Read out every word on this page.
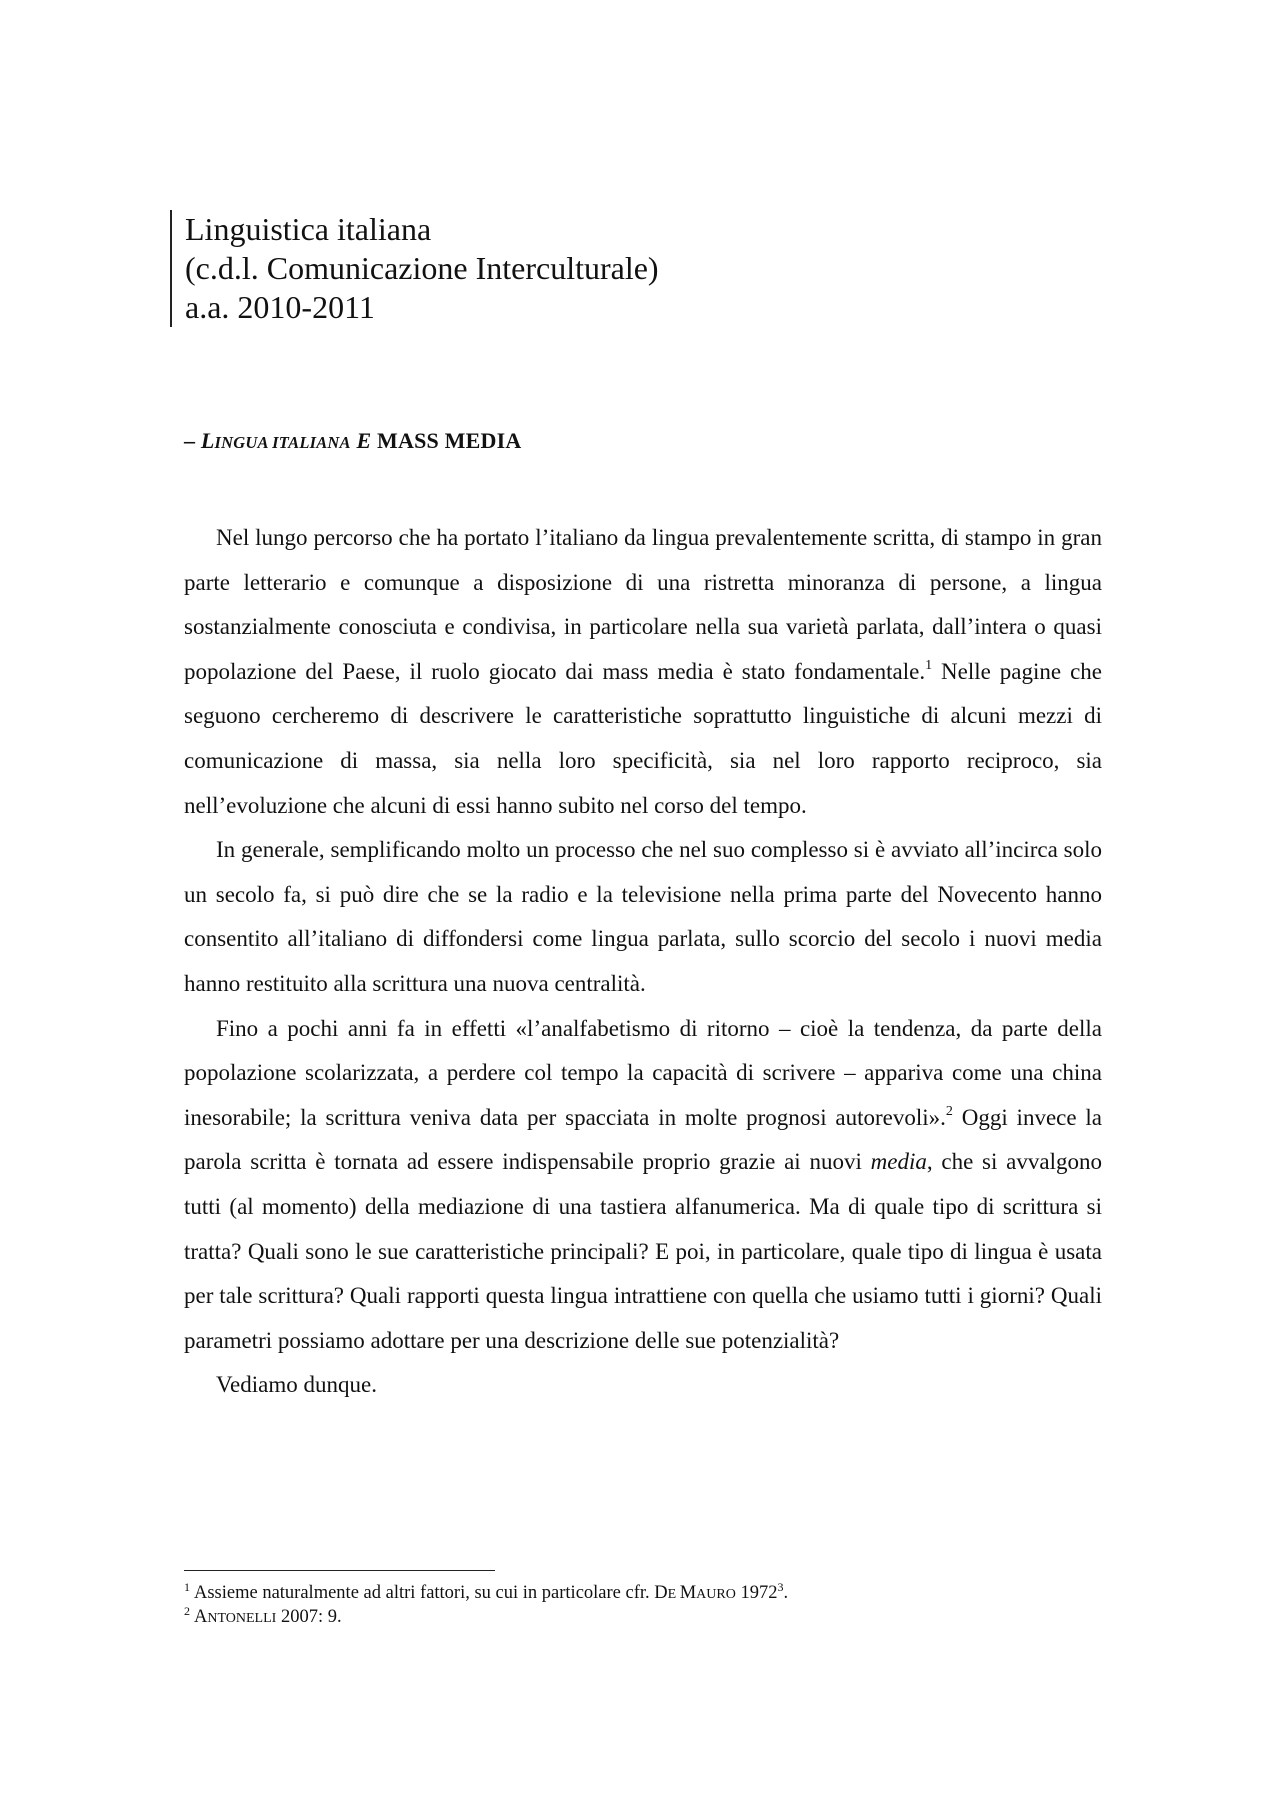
Linguistica italiana
(c.d.l. Comunicazione Interculturale)
a.a. 2010-2011
– LINGUA ITALIANA E MASS MEDIA

Nel lungo percorso che ha portato l’italiano da lingua prevalentemente scritta, di stampo in gran parte letterario e comunque a disposizione di una ristretta minoranza di persone, a lingua sostanzialmente conosciuta e condivisa, in particolare nella sua varietà parlata, dall’intera o quasi popolazione del Paese, il ruolo giocato dai mass media è stato fondamentale.$^1$ Nelle pagine che seguono cercheremo di descrivere le caratteristiche soprattutto linguistiche di alcuni mezzi di comunicazione di massa, sia nella loro specificità, sia nel loro rapporto reciproco, sia nell’evoluzione che alcuni di essi hanno subito nel corso del tempo.

In generale, semplificando molto un processo che nel suo complesso si è avviato all’incirca solo un secolo fa, si può dire che se la radio e la televisione nella prima parte del Novecento hanno consentito all’italiano di diffondersi come lingua parlata, sullo scorcio del secolo i nuovi media hanno restituito alla scrittura una nuova centralità.

Fino a pochi anni fa in effetti «l’analfabetismo di ritorno – cioè la tendenza, da parte della popolazione scolarizzata, a perdere col tempo la capacità di scrivere – appariva come una china inesorabile; la scrittura veniva data per spacciata in molte prognosi autorevoli».$^2$ Oggi invece la parola scritta è tornata ad essere indispensabile proprio grazie ai nuovi media, che si avvalgono tutti (al momento) della mediazione di una tastiera alfanumerica. Ma di quale tipo di scrittura si tratta? Quali sono le sue caratteristiche principali? E poi, in particolare, quale tipo di lingua è usata per tale scrittura? Quali rapporti questa lingua intrattiene con quella che usiamo tutti i giorni? Quali parametri possiamo adottare per una descrizione delle sue potenzialità?

Vediamo dunque.

$^1$ Assieme naturalmente ad altri fattori, su cui in particolare cfr. DE MAURO 1972$^3$.
$^2$ ANTONELLI 2007: 9.
